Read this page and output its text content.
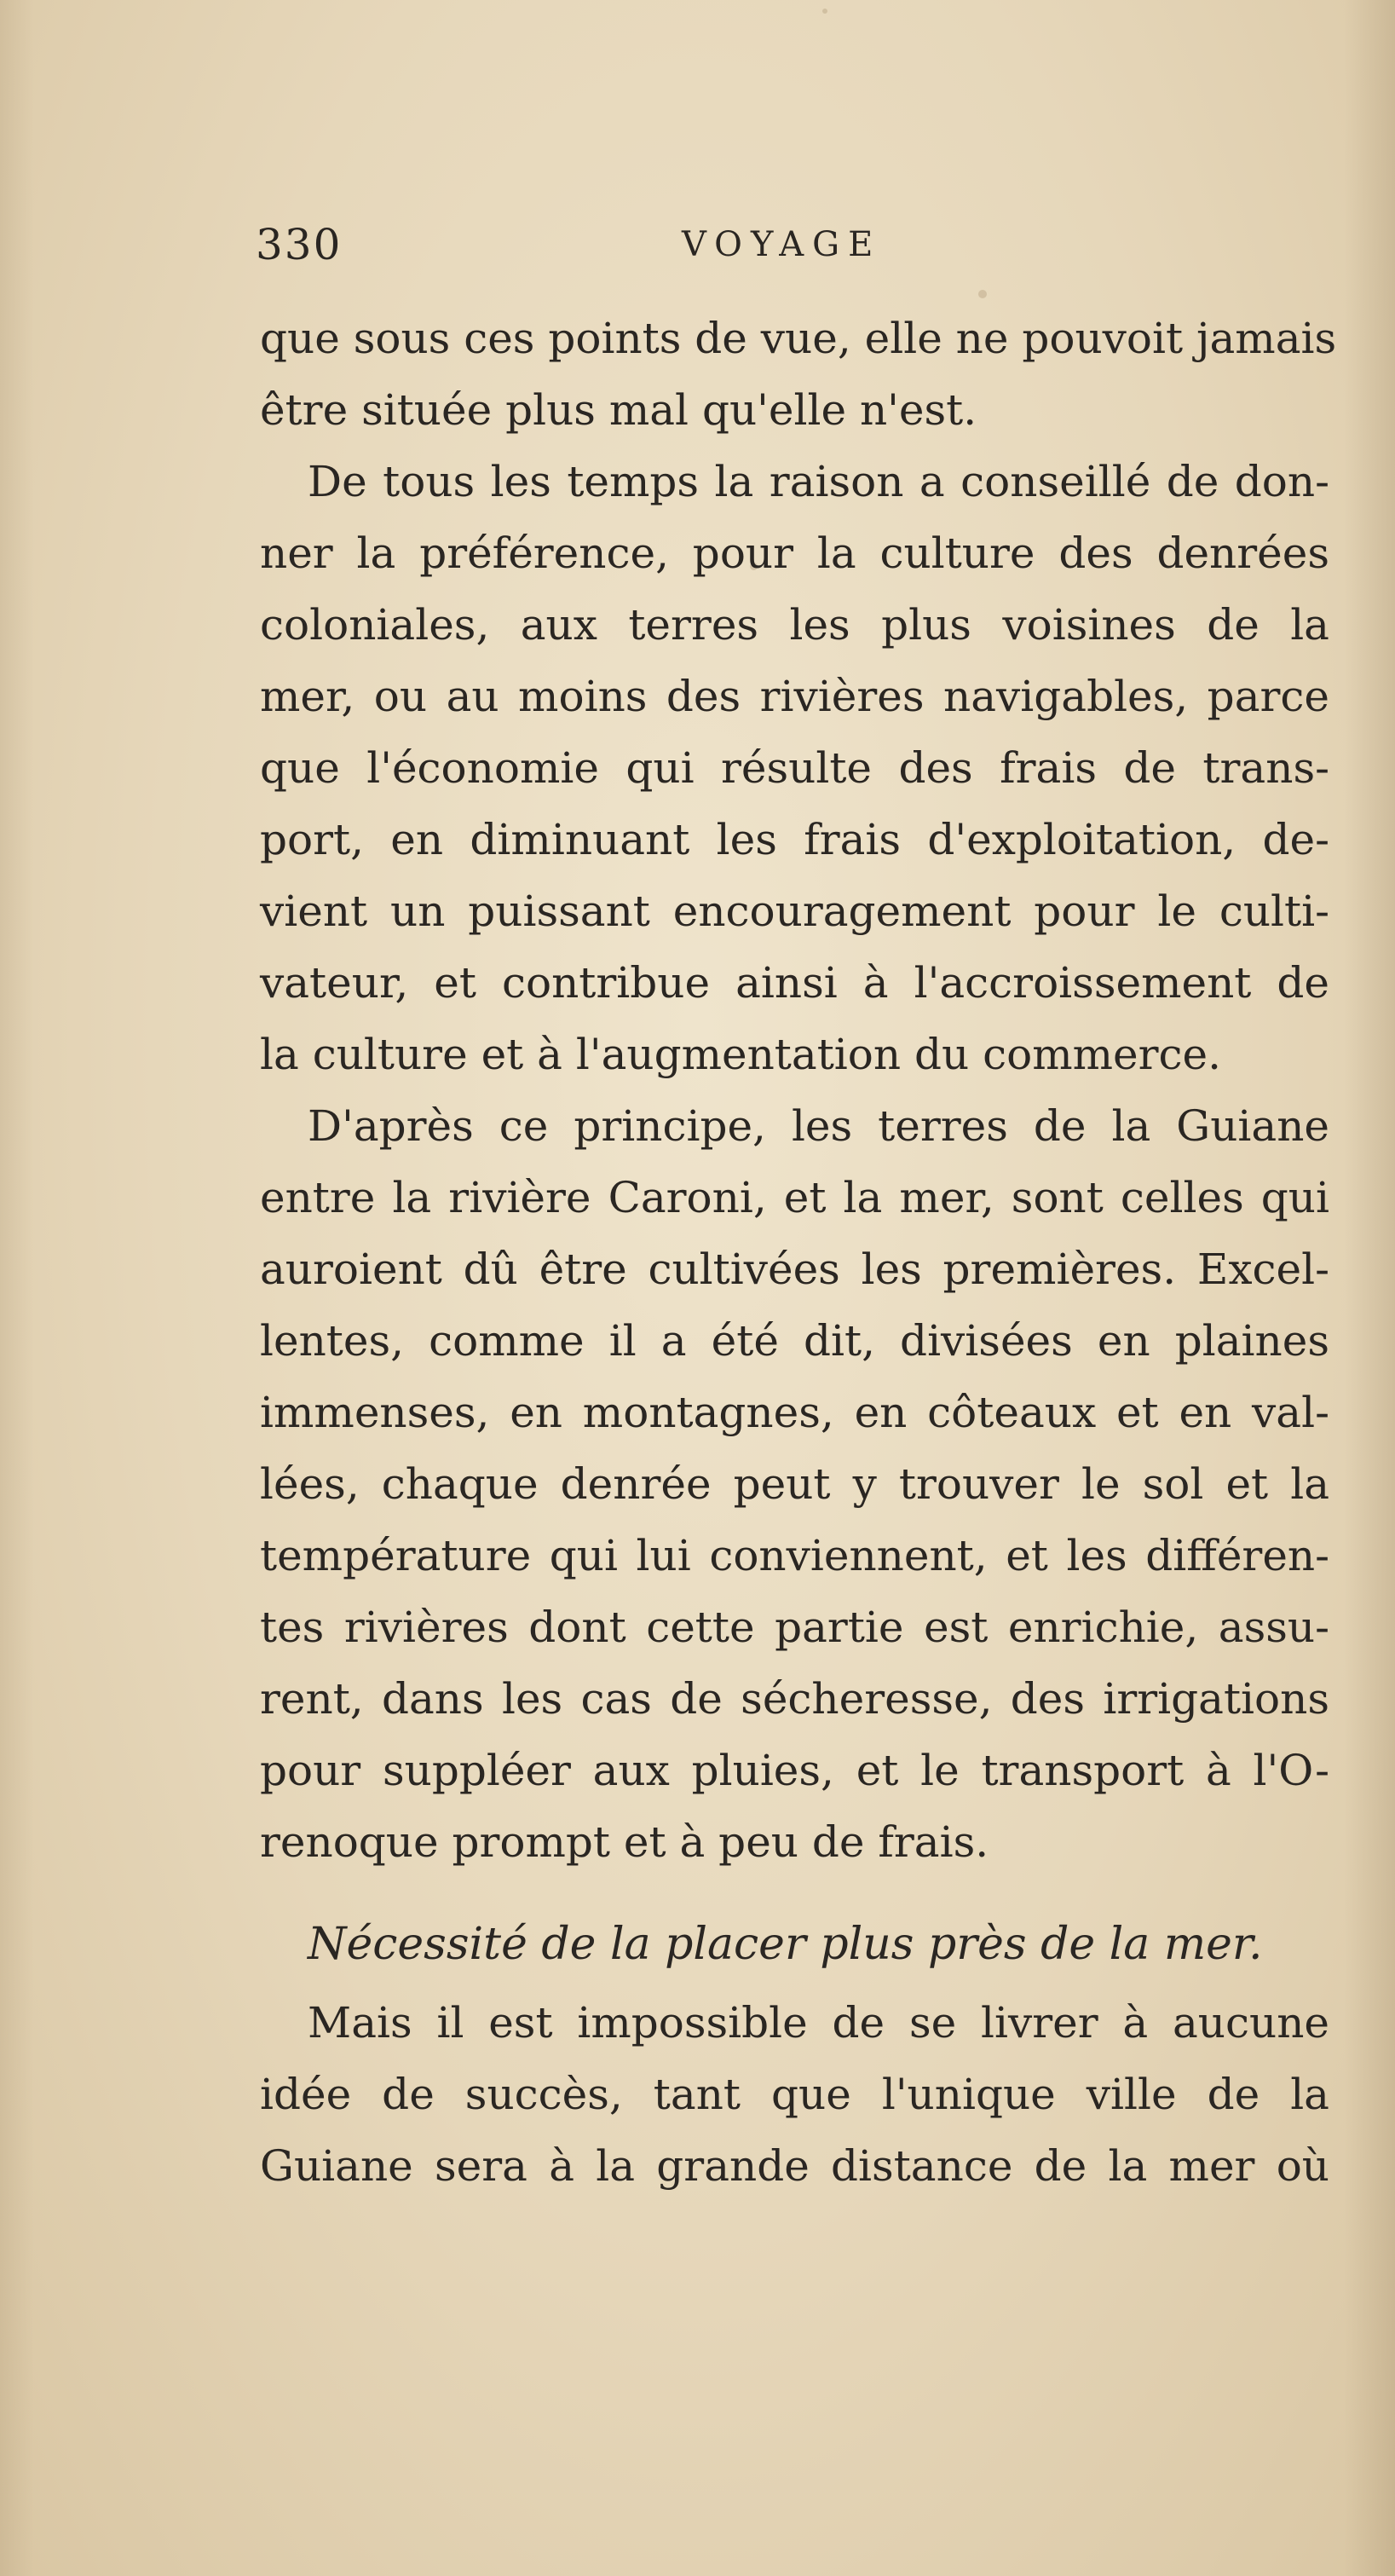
330	VOYAGE
que sous ces points de vue, elle ne pouvoit jamais
être située plus mal qu'elle n'est.
De tous les temps la raison a conseillé de don-
ner la préférence, pour la culture des denrées
coloniales, aux terres les plus voisines de la
mer, ou au moins des rivières navigables, parce
que l'économie qui résulte des frais de trans-
port, en diminuant les frais d'exploitation, de-
vient un puissant encouragement pour le culti-
vateur, et contribue ainsi à l'accroissement de
la culture et à l'augmentation du commerce.
D'après ce principe, les terres de la Guiane
entre la rivière Caroni, et la mer, sont celles qui
auroient dû être cultivées les premières. Excel-
lentes, comme il a été dit, divisées en plaines
immenses, en montagnes, en côteaux et en val-
lées, chaque denrée peut y trouver le sol et la
température qui lui conviennent, et les différen-
tes rivières dont cette partie est enrichie, assu-
rent, dans les cas de sécheresse, des irrigations
pour suppléer aux pluies, et le transport à l'O-
renoque prompt et à peu de frais.
Nécessité de la placer plus près de la mer.
Mais il est impossible de se livrer à aucune
idée de succès, tant que l'unique ville de la
Guiane sera à la grande distance de la mer où
